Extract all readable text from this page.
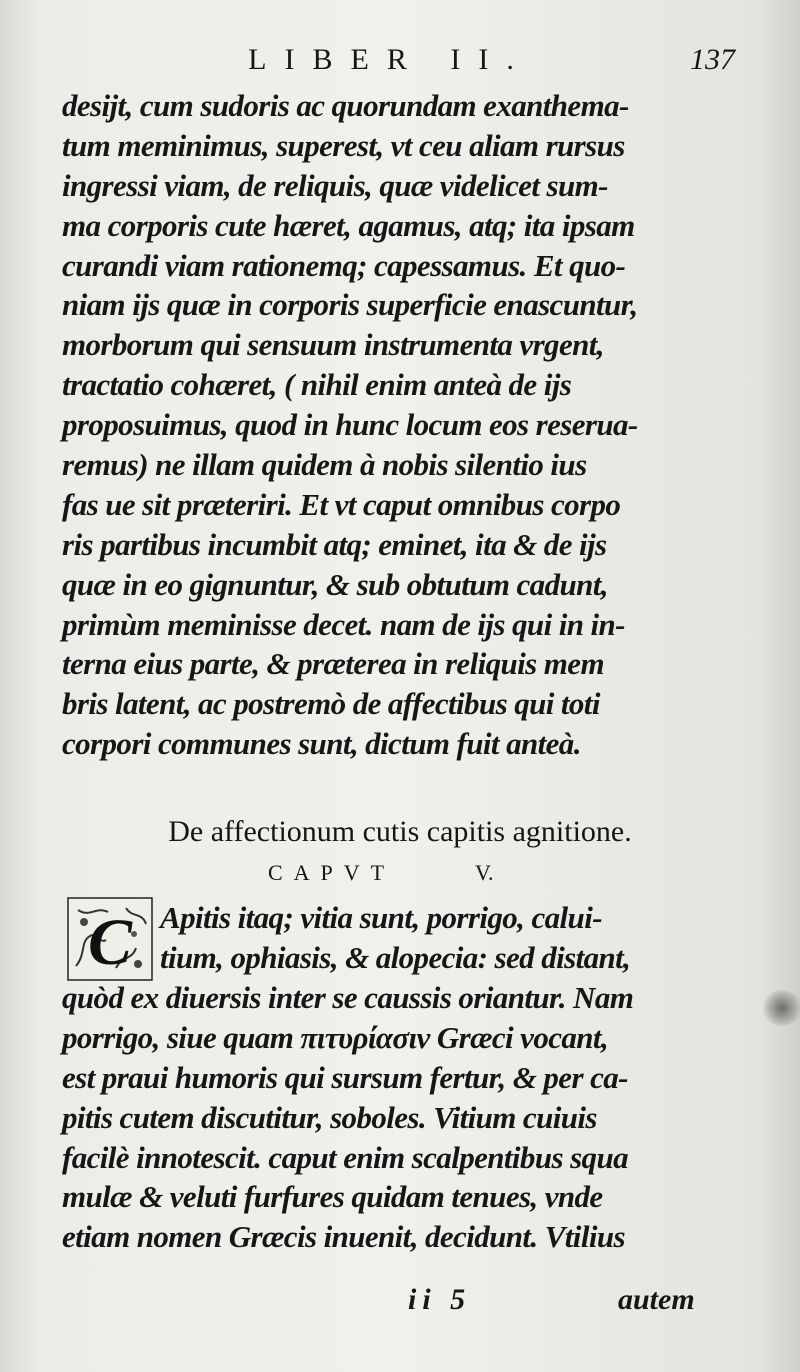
LIBER II.	137
desijt, cum sudoris ac quorundam exanthema-
tum meminimus, superest, vt ceu aliam rursus
ingressi viam, de reliquis, quæ videlicet sum-
ma corporis cute hæret, agamus, atq; ita ipsam
curandi viam rationemq; capessamus. Et quo-
niam ijs quæ in corporis superficie enascuntur,
morborum qui sensuum instrumenta vrgent,
tractatio cohæret, ( nihil enim anteà de ijs
proposuimus, quod in hunc locum eos reserua-
remus) ne illam quidem à nobis silentio ius
fas ue sit præteriri. Et vt caput omnibus corpo
ris partibus incumbit atq; eminet, ita & de ijs
quæ in eo gignuntur, & sub obtutum cadunt,
primùm meminisse decet. nam de ijs qui in in-
terna eius parte, & præterea in reliquis mem
bris latent, ac postremò de affectibus qui toti
corpori communes sunt, dictum fuit anteà.
De affectionum cutis capitis agnitione.
CAPVT	V.
C Apitis itaq; vitia sunt, porrigo, calui-
tium, ophiasis, & alopecia: sed distant,
quòd ex diuersis inter se caussis oriantur. Nam
porrigo, siue quam πιτυρίασιν Græci vocant,
est praui humoris qui sursum fertur, & per ca-
pitis cutem discutitur, soboles. Vitium cuiuis
facilè innotescit. caput enim scalpentibus squa
mulæ & veluti furfures quidam tenues, vnde
etiam nomen Græcis inuenit, decidunt. Vtilius
ii 5	autem
